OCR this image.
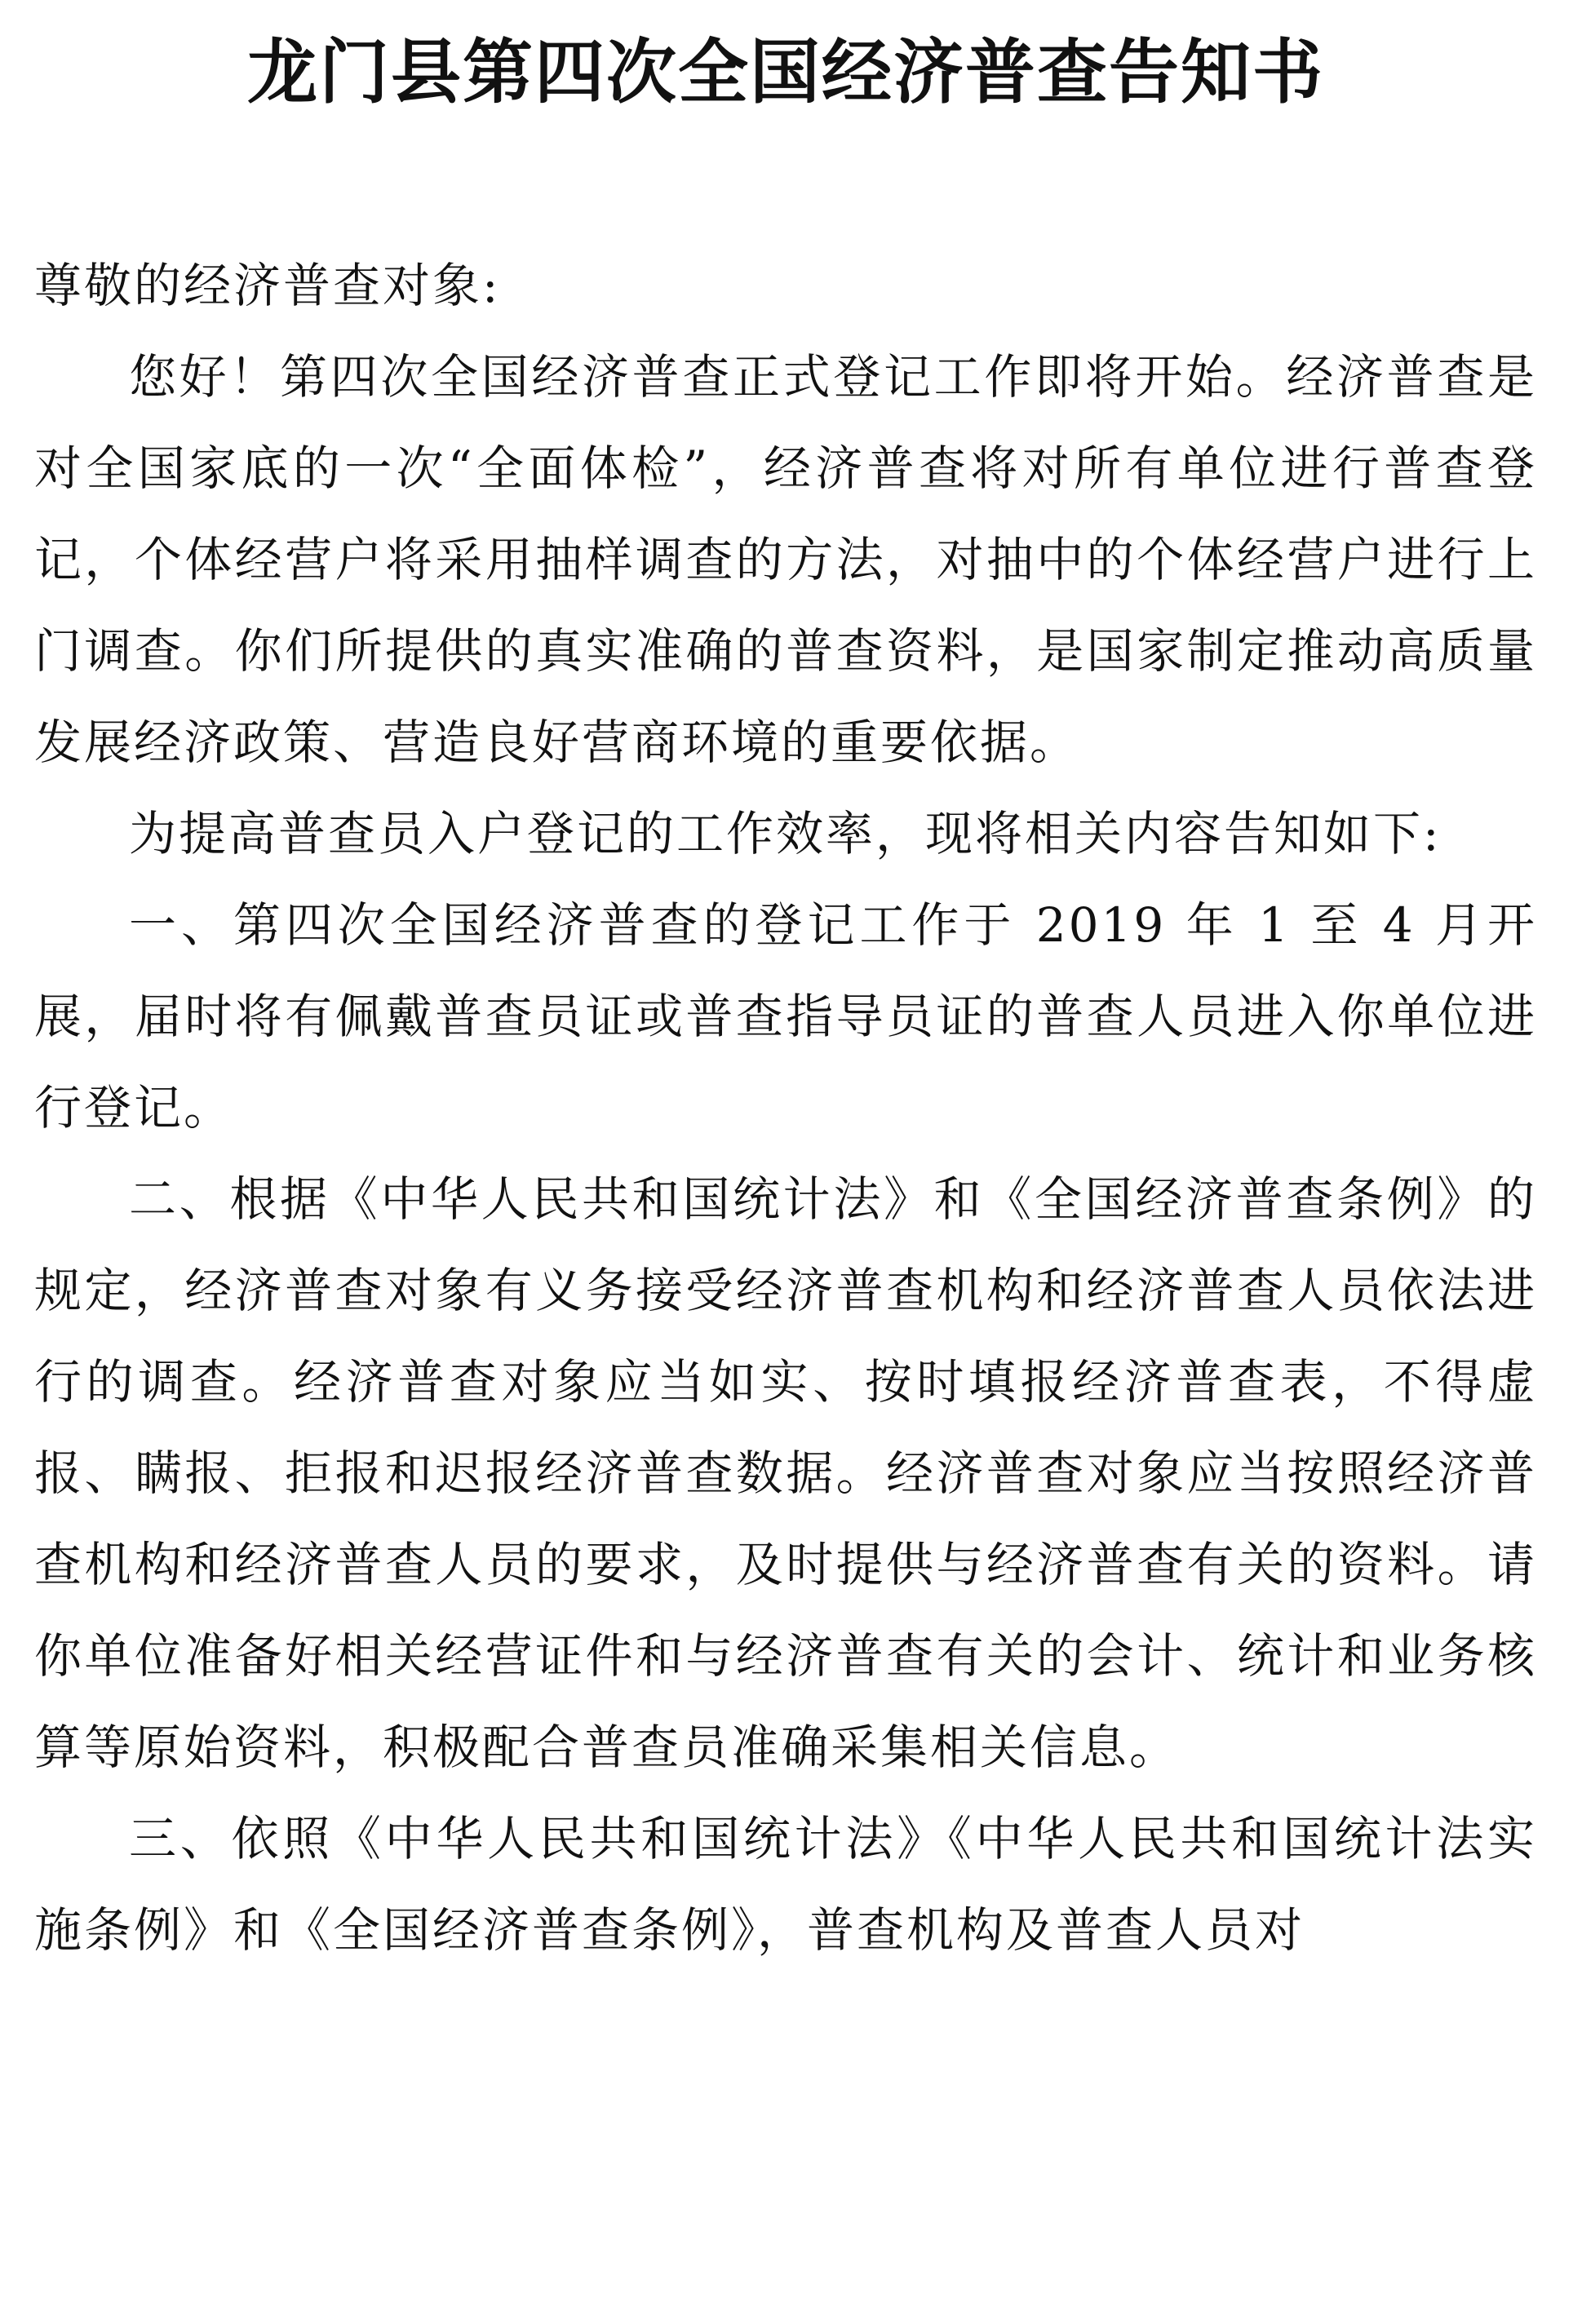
龙门县第四次全国经济普查告知书

尊敬的经济普查对象:

您好！第四次全国经济普查正式登记工作即将开始。经济普查是对全国家底的一次“全面体检”，经济普查将对所有单位进行普查登记，个体经营户将采用抽样调查的方法，对抽中的个体经营户进行上门调查。你们所提供的真实准确的普查资料，是国家制定推动高质量发展经济政策、营造良好营商环境的重要依据。

为提高普查员入户登记的工作效率，现将相关内容告知如下:

一、第四次全国经济普查的登记工作于 2019 年 1 至 4 月开展，届时将有佩戴普查员证或普查指导员证的普查人员进入你单位进行登记。

二、根据《中华人民共和国统计法》和《全国经济普查条例》的规定，经济普查对象有义务接受经济普查机构和经济普查人员依法进行的调查。经济普查对象应当如实、按时填报经济普查表，不得虚报、瞒报、拒报和迟报经济普查数据。经济普查对象应当按照经济普查机构和经济普查人员的要求，及时提供与经济普查有关的资料。请你单位准备好相关经营证件和与经济普查有关的会计、统计和业务核算等原始资料，积极配合普查员准确采集相关信息。

三、依照《中华人民共和国统计法》《中华人民共和国统计法实施条例》和《全国经济普查条例》，普查机构及普查人员对
